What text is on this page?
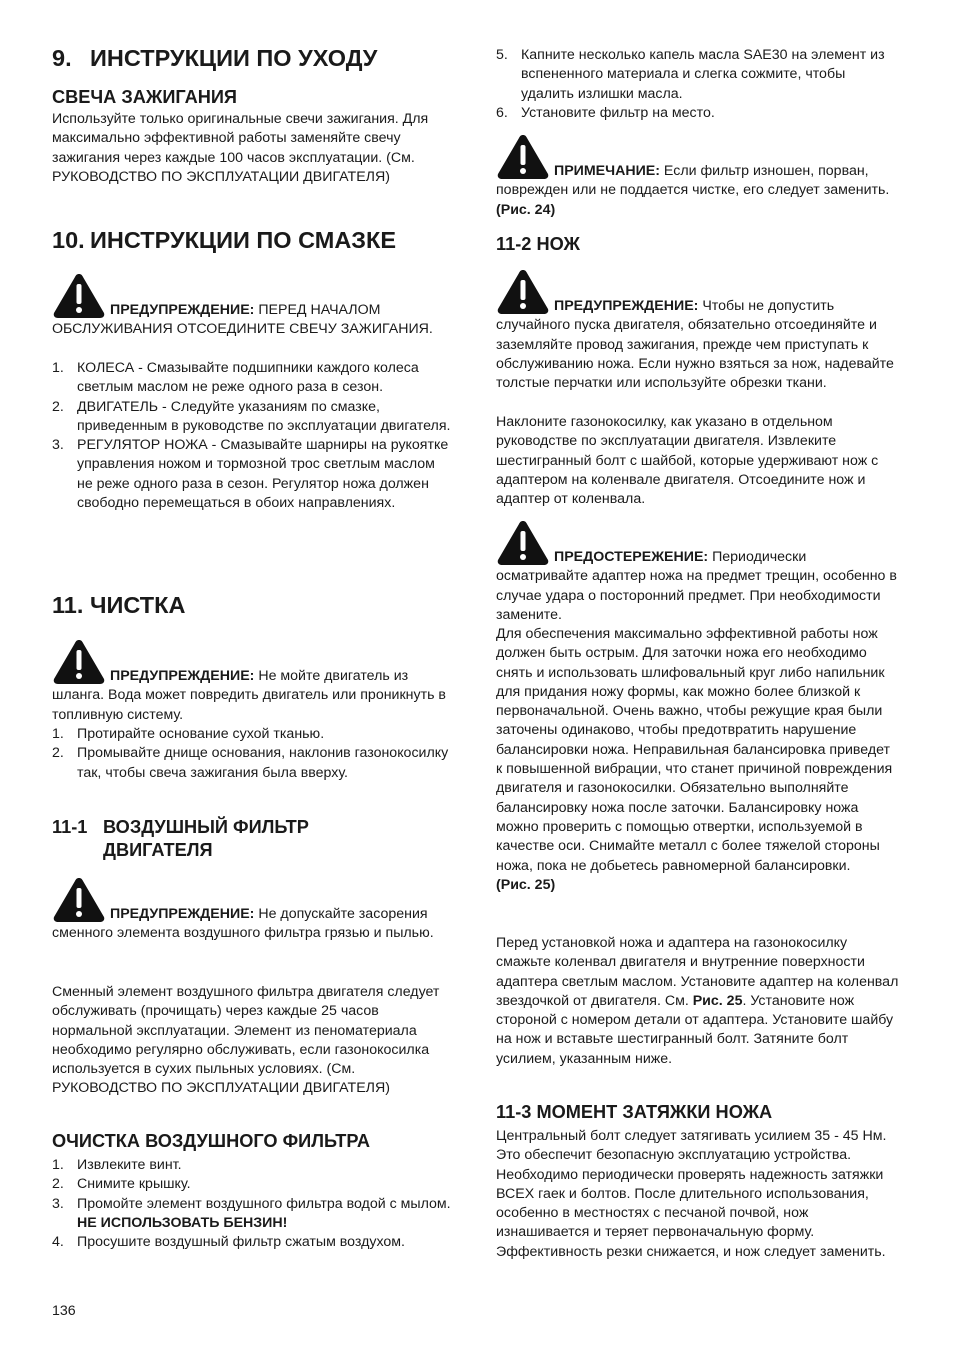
9. ИНСТРУКЦИИ ПО УХОДУ
СВЕЧА ЗАЖИГАНИЯ

Используйте только оригинальные свечи зажигания. Для максимально эффективной работы заменяйте свечу зажигания через каждые 100 часов эксплуатации. (См. РУКОВОДСТВО ПО ЭКСПЛУАТАЦИИ ДВИГАТЕЛЯ)

10. ИНСТРУКЦИИ ПО СМАЗКЕ

ПРЕДУПРЕЖДЕНИЕ: ПЕРЕД НАЧАЛОМ ОБСЛУЖИВАНИЯ ОТСОЕДИНИТЕ СВЕЧУ ЗАЖИГАНИЯ.

1. КОЛЕСА - Смазывайте подшипники каждого колеса светлым маслом не реже одного раза в сезон.
2. ДВИГАТЕЛЬ - Следуйте указаниям по смазке, приведенным в руководстве по эксплуатации двигателя.
3. РЕГУЛЯТОР НОЖА - Смазывайте шарниры на рукоятке управления ножом и тормозной трос светлым маслом не реже одного раза в сезон. Регулятор ножа должен свободно перемещаться в обоих направлениях.
11. ЧИСТКА

ПРЕДУПРЕЖДЕНИЕ: Не мойте двигатель из шланга. Вода может повредить двигатель или проникнуть в топливную систему.

1. Протирайте основание сухой тканью.
2. Промывайте днище основания, наклонив газонокосилку так, чтобы свеча зажигания была вверху.
11-1 ВОЗДУШНЫЙ ФИЛЬТР
ДВИГАТЕЛЯ

ПРЕДУПРЕЖДЕНИЕ: Не допускайте засорения сменного элемента воздушного фильтра грязью и пылью.

Сменный элемент воздушного фильтра двигателя следует обслуживать (прочищать) через каждые 25 часов нормальной эксплуатации. Элемент из пеноматериала необходимо регулярно обслуживать, если газонокосилка используется в сухих пыльных условиях. (См. РУКОВОДСТВО ПО ЭКСПЛУАТАЦИИ ДВИГАТЕЛЯ)

ОЧИСТКА ВОЗДУШНОГО ФИЛЬТРА
1. Извлеките винт.
2. Снимите крышку.
3. Промойте элемент воздушного фильтра водой с мылом. НЕ ИСПОЛЬЗОВАТЬ БЕНЗИН!
4. Просушите воздушный фильтр сжатым воздухом.
5. Капните несколько капель масла SAE30 на элемент из вспененного материала и слегка сожмите, чтобы удалить излишки масла.
6. Установите фильтр на место.

ПРИМЕЧАНИЕ: Если фильтр изношен, порван, поврежден или не поддается чистке, его следует заменить. (Рис. 24)

11-2 НОЖ

ПРЕДУПРЕЖДЕНИЕ: Чтобы не допустить случайного пуска двигателя, обязательно отсоединяйте и заземляйте провод зажигания, прежде чем приступать к обслуживанию ножа. Если нужно взяться за нож, надевайте толстые перчатки или используйте обрезки ткани.

Наклоните газонокосилку, как указано в отдельном руководстве по эксплуатации двигателя. Извлеките шестигранный болт с шайбой, которые удерживают нож с адаптером на коленвале двигателя. Отсоедините нож и адаптер от коленвала.

ПРЕДОСТЕРЕЖЕНИЕ: Периодически осматривайте адаптер ножа на предмет трещин, особенно в случае удара о посторонний предмет. При необходимости замените.

Для обеспечения максимально эффективной работы нож должен быть острым. Для заточки ножа его необходимо снять и использовать шлифовальный круг либо напильник для придания ножу формы, как можно более близкой к первоначальной. Очень важно, чтобы режущие края были заточены одинаково, чтобы предотвратить нарушение балансировки ножа. Неправильная балансировка приведет к повышенной вибрации, что станет причиной повреждения двигателя и газонокосилки. Обязательно выполняйте балансировку ножа после заточки. Балансировку ножа можно проверить с помощью отвертки, используемой в качестве оси. Снимайте металл с более тяжелой стороны ножа, пока не добьетесь равномерной балансировки.
(Рис. 25)

Перед установкой ножа и адаптера на газонокосилку смажьте коленвал двигателя и внутренние поверхности адаптера светлым маслом. Установите адаптер на коленвал звездочкой от двигателя. См. Рис. 25. Установите нож стороной с номером детали от адаптера. Установите шайбу на нож и вставьте шестигранный болт. Затяните болт усилием, указанным ниже.

11-3 МОМЕНТ ЗАТЯЖКИ НОЖА

Центральный болт следует затягивать усилием 35 - 45 Нм. Это обеспечит безопасную эксплуатацию устройства. Необходимо периодически проверять надежность затяжки ВСЕХ гаек и болтов. После длительного использования, особенно в местностях с песчаной почвой, нож изнашивается и теряет первоначальную форму. Эффективность резки снижается, и нож следует заменить.

136
